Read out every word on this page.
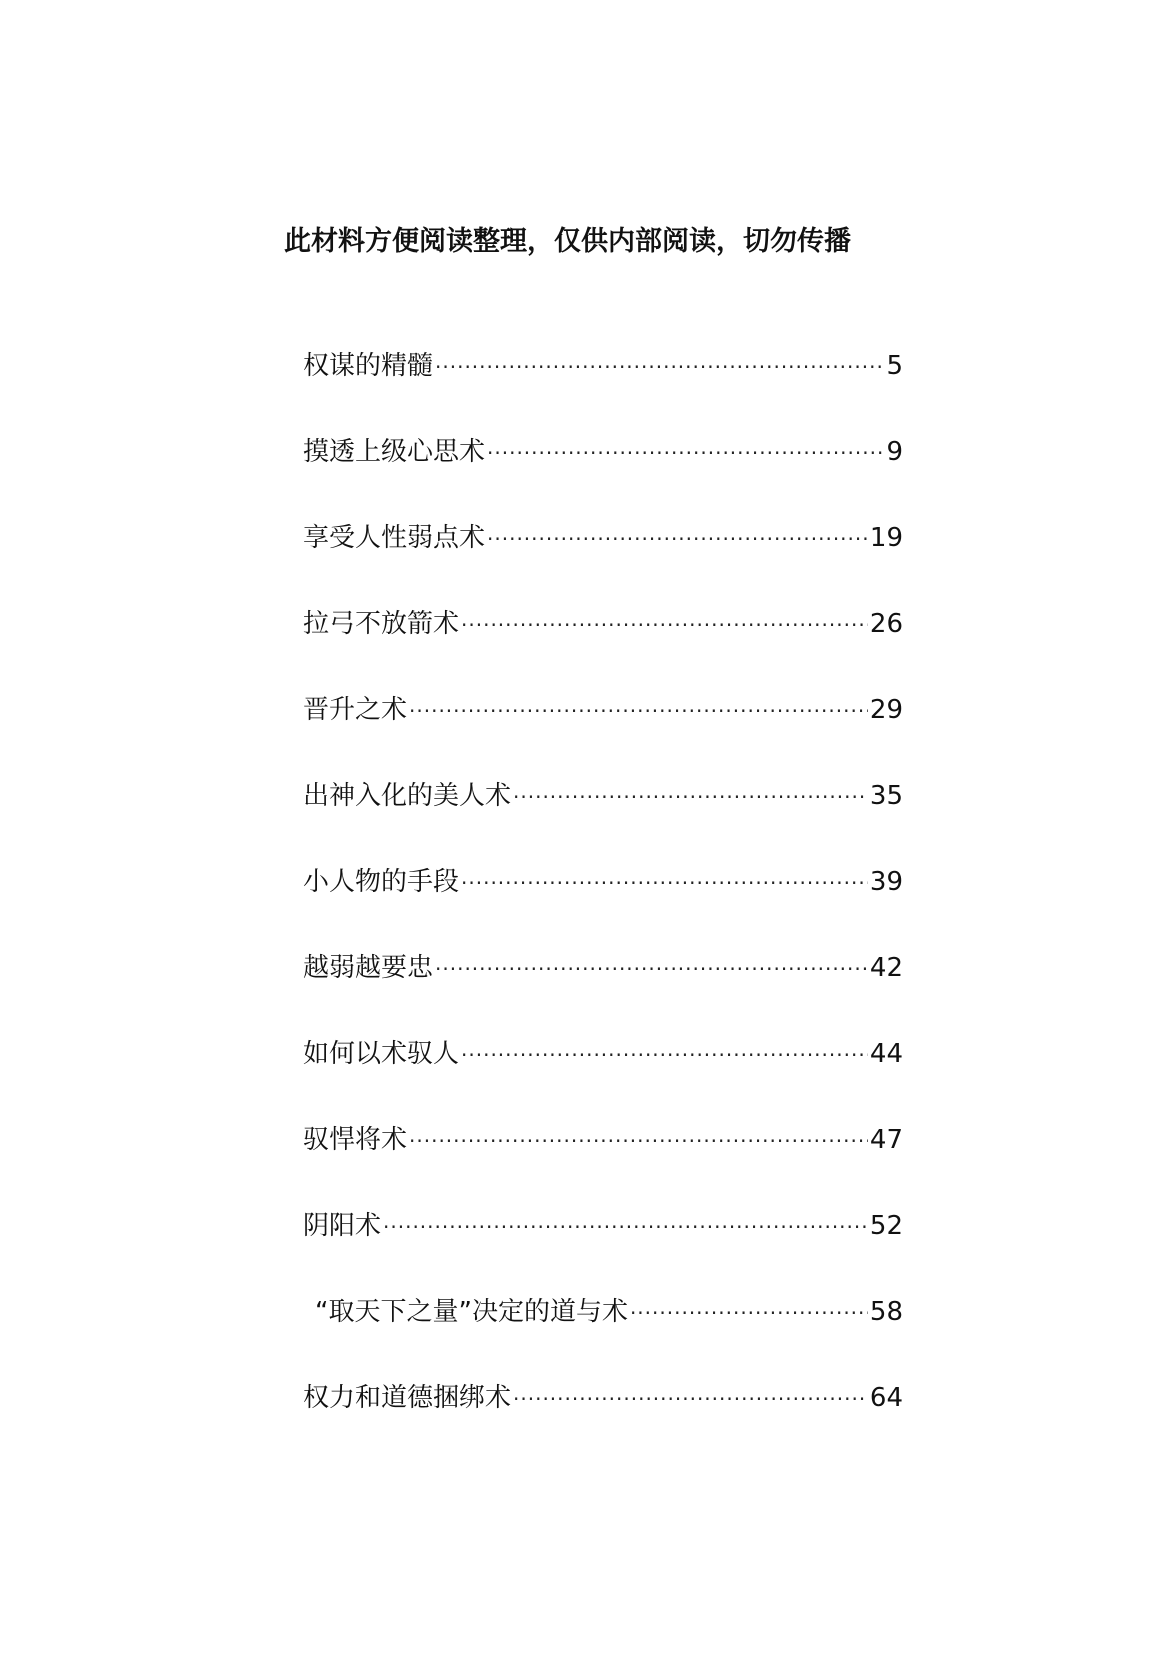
此材料方便阅读整理，仅供内部阅读，切勿传播
权谋的精髓 ·····	5
摸透上级心思术 ·····	9
享受人性弱点术 ·····	19
拉弓不放箭术 ·····	26
晋升之术 ·····	29
出神入化的美人术 ·····	35
小人物的手段 ·····	39
越弱越要忠 ·····	42
如何以术驭人 ·····	44
驭悍将术 ·····	47
阴阳术 ·····	52
“取天下之量”决定的道与术 ·····	58
权力和道德捆绑术 ·····	64
